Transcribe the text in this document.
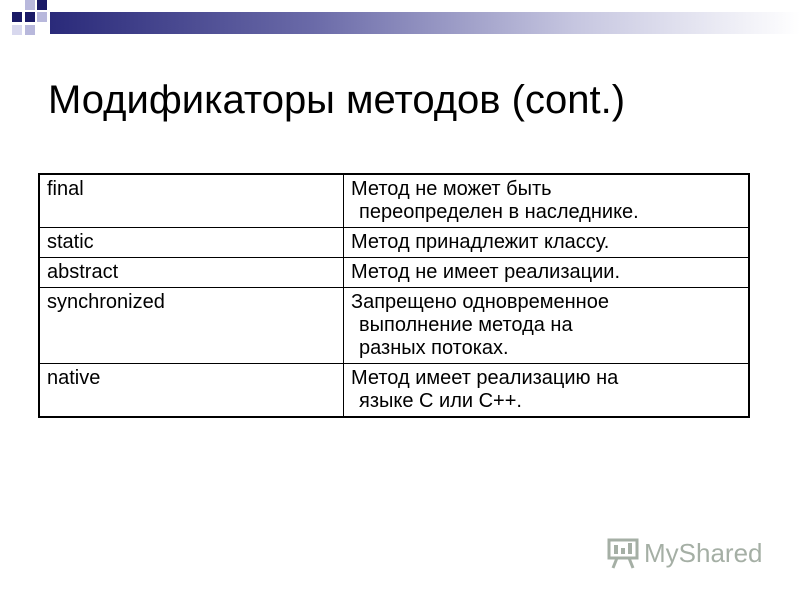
Модификаторы методов (cont.)
final	Метод не может быть
переопределен в наследнике.

static	Метод принадлежит классу.

abstract	Метод не имеет реализации.

synchronized	Запрещено одновременное
выполнение метода на
разных потоках.

native	Метод имеет реализацию на
языке C или C++.
MyShared
